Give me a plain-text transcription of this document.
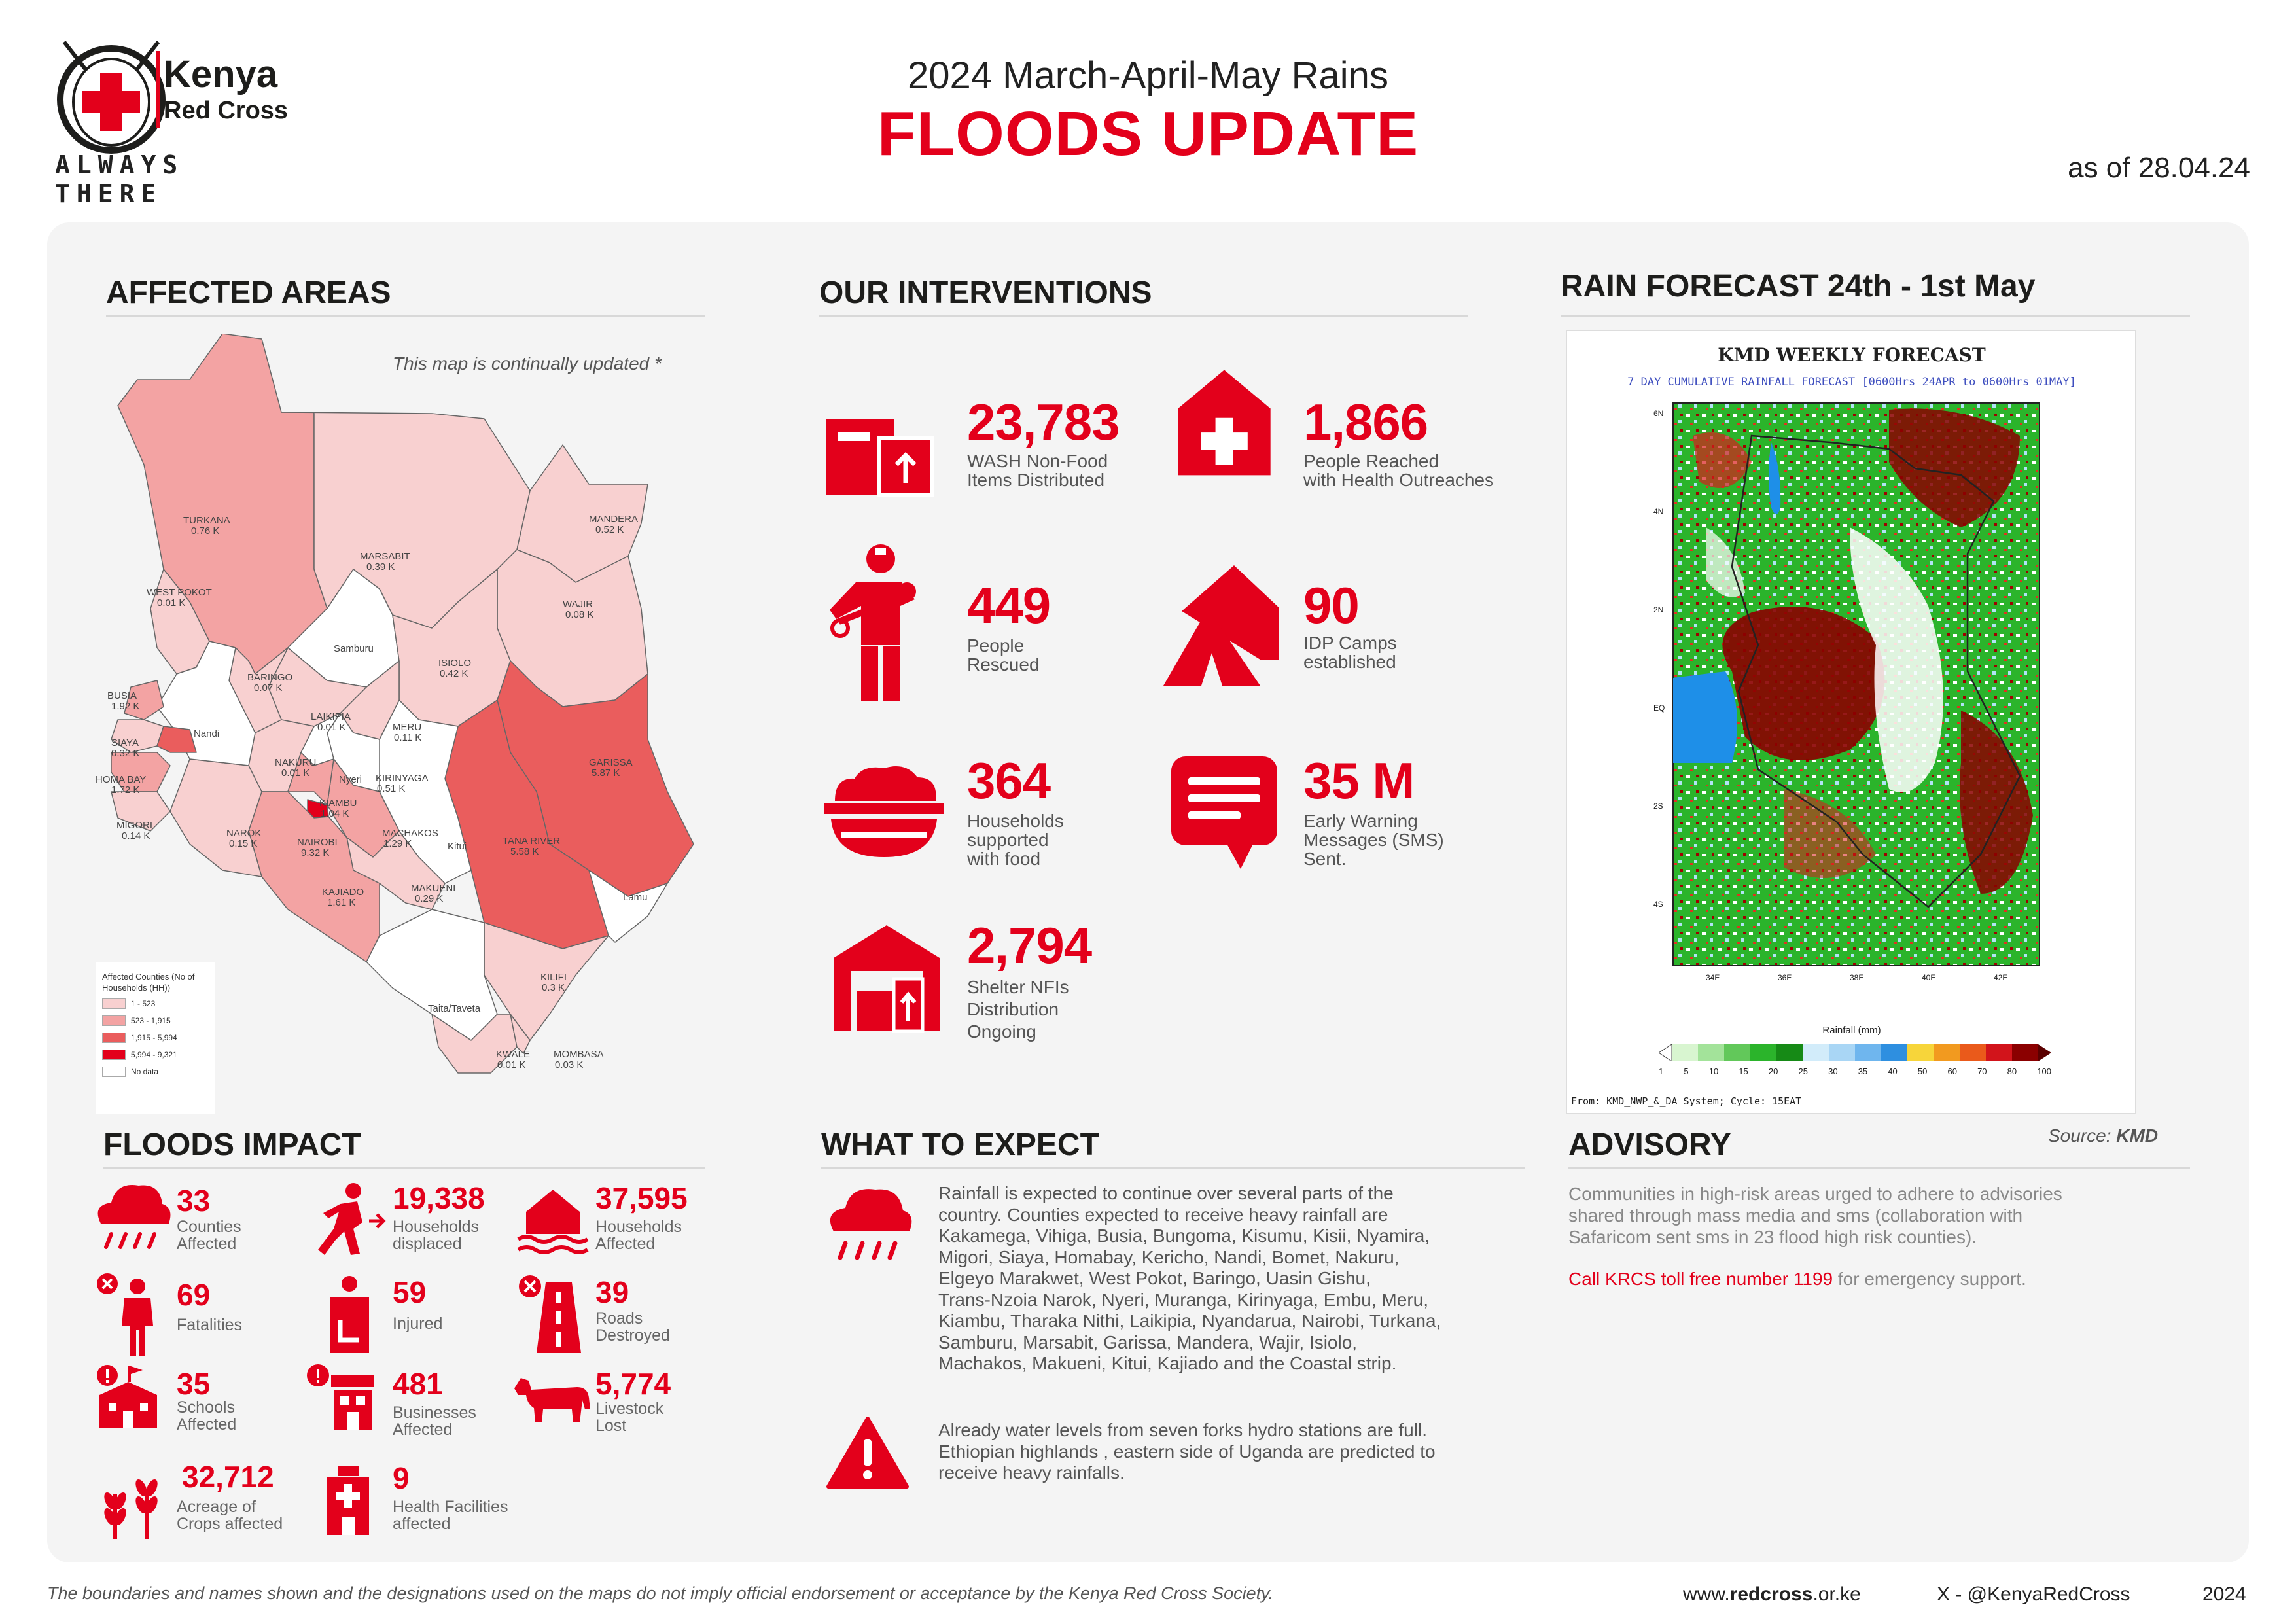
Kenya
Red Cross
ALWAYS THERE
2024 March-April-May Rains
FLOODS UPDATE	as of 28.04.24
AFFECTED AREAS	OUR INTERVENTIONS	RAIN FORECAST 24th - 1st May
FLOODS IMPACT	WHAT TO EXPECT	ADVISORY
This map is continually updated *
TURKANA
0.76 K
MARSABIT
0.39 K
MANDERA
0.52 K
WEST POKOT
0.01 K	WAJIR
0.08 K
Samburu
ISIOLO
0.42 K
BARINGO
0.07 K
BUSIA
1.92 K
LAIKIPIA
0.01 K	MERU
0.11 K
Nandi
SIAYA
0.32 K
GARISSA
5.87 K
NAKURU
0.01 K	KIRINYAGA
0.51 K
HOMA BAY
1.72 K
KIAMBU
1.04 K
Nyeri
MIGORI
0.14 K	NAROK
0.15 K	NAIROBI
9.32 K
MACHAKOS
1.29 K	Kitui	TANA RIVER
5.58 K
KAJIADO
1.61 K
MAKUENI
0.29 K	Lamu
KILIFI
0.3 K
Taita/Taveta
KWALE
0.01 K
MOMBASA
0.03 K
Affected Counties (No of Households (HH))
1 - 523
523 - 1,915
1,915 - 5,994
5,994 - 9,321
No data
23,783
WASH Non-Food
Items Distributed
1,866
People Reached
with Health Outreaches
449
People
Rescued
90
IDP Camps
established
364
Households
supported
with food
35 M
Early Warning
Messages (SMS)
Sent.
2,794
Shelter NFIs
Distribution
Ongoing
KMD WEEKLY FORECAST
7 DAY CUMULATIVE RAINFALL FORECAST [0600Hrs 24APR to 0600Hrs 01MAY]
6N
4N
2N
EQ
2S
4S
34E	36E	38E	40E	42E
Rainfall (mm)
1 5 10 15 20 25 30 35 40 50 60 70 80 100
From: KMD_NWP_&_DA System; Cycle: 15EAT
Source: KMD
33
Counties
Affected
19,338
Households
displaced
37,595
Households
Affected
69
Fatalities
59
Injured
39
Roads
Destroyed
35
Schools
Affected
481
Businesses
Affected
5,774
Livestock
Lost
32,712
Acreage of
Crops affected
9
Health Facilities
affected
Rainfall is expected to continue over several parts of the
country. Counties expected to receive heavy rainfall are
Kakamega, Vihiga, Busia, Bungoma, Kisumu, Kisii, Nyamira,
Migori, Siaya, Homabay, Kericho, Nandi, Bomet, Nakuru,
Elgeyo Marakwet, West Pokot, Baringo, Uasin Gishu,
Trans-Nzoia Narok, Nyeri, Muranga, Kirinyaga, Embu, Meru,
Kiambu, Tharaka Nithi, Laikipia, Nyandarua, Nairobi, Turkana,
Samburu, Marsabit, Garissa, Mandera, Wajir, Isiolo,
Machakos, Makueni, Kitui, Kajiado and the Coastal strip.
Already water levels from seven forks hydro stations are full.
Ethiopian highlands , eastern side of Uganda are predicted to
receive heavy rainfalls.
Communities in high-risk areas urged to adhere to advisories
shared through mass media and sms (collaboration with
Safaricom sent sms in 23 flood high risk counties).
Call KRCS toll free number 1199 for emergency support.
The boundaries and names shown and the designations used on the maps do not imply official endorsement or acceptance by the Kenya Red Cross Society.	www.redcross.or.ke	X - @KenyaRedCross	2024
